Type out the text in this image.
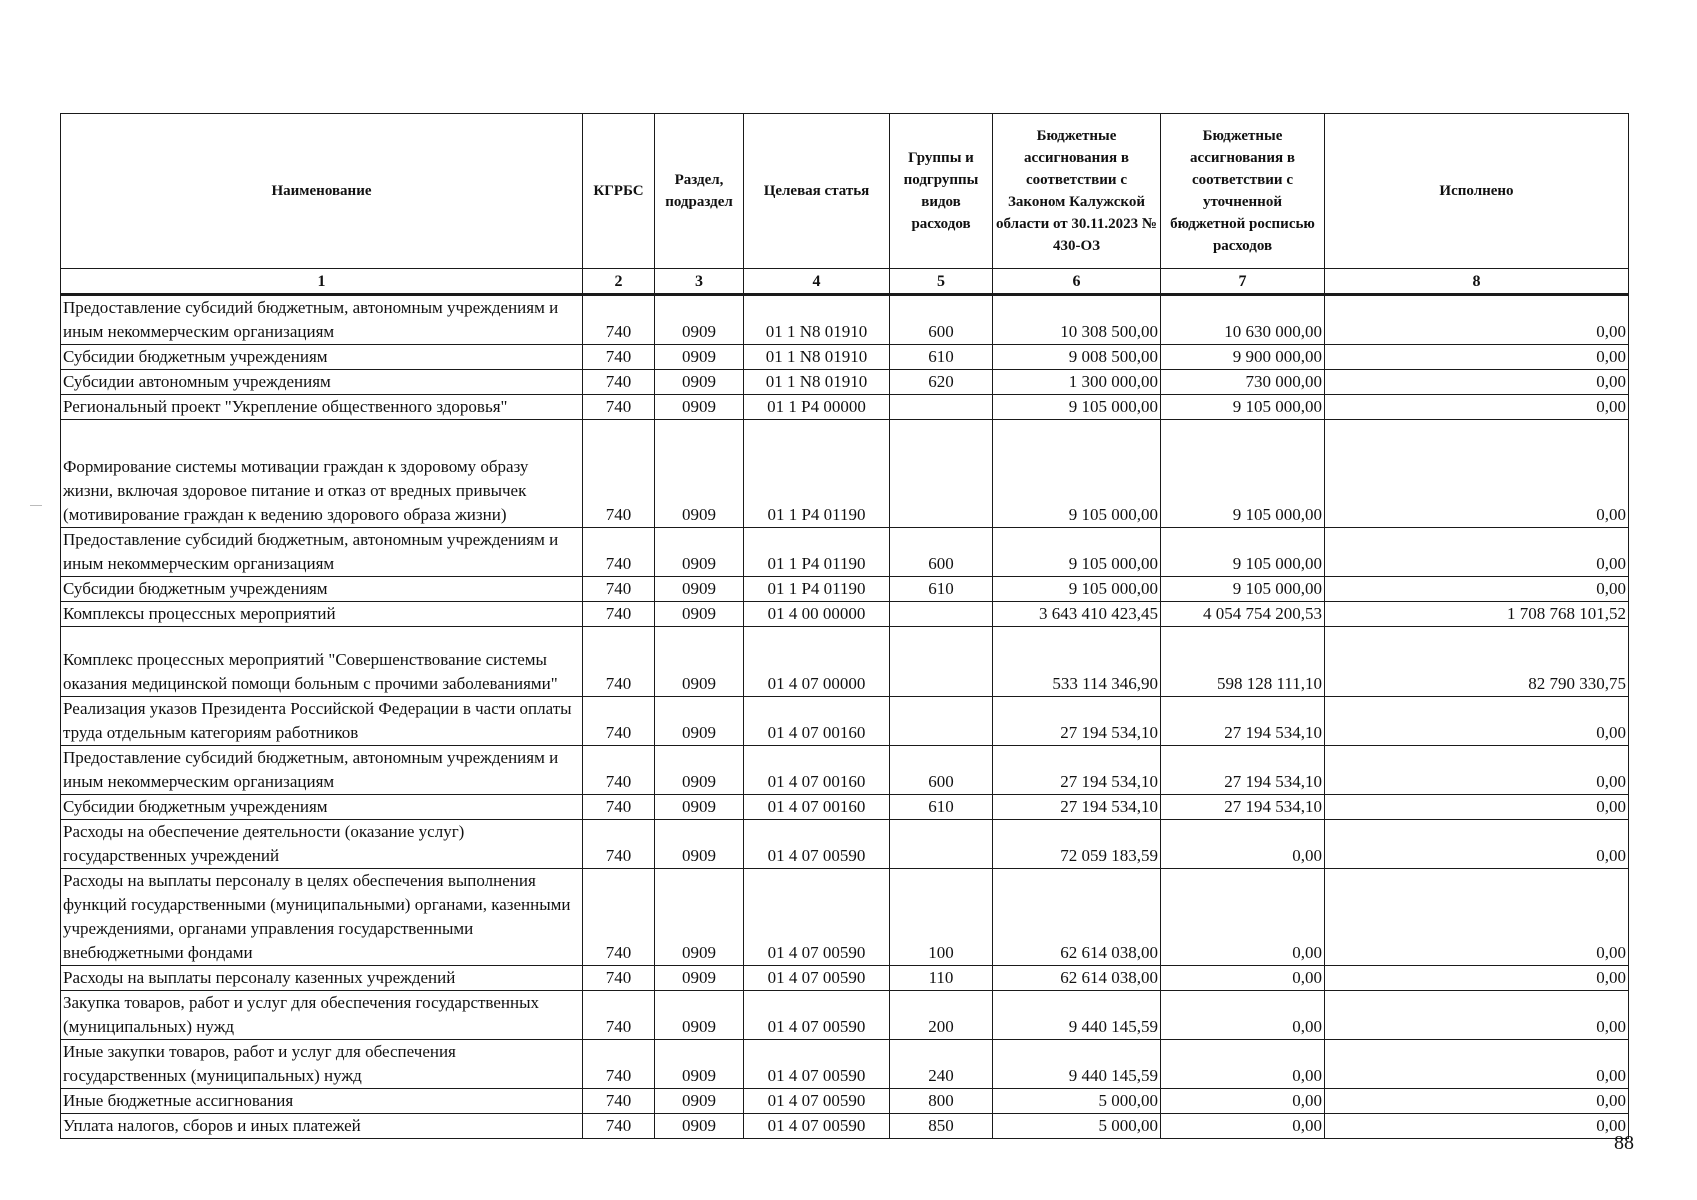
Наименование	КГРБС	Раздел, подраздел	Целевая статья	Группы и подгруппы видов расходов	Бюджетные ассигнования в соответствии с Законом Калужской области от 30.11.2023 № 430-ОЗ	Бюджетные ассигнования в соответствии с уточненной бюджетной росписью расходов	Исполнено
1	2	3	4	5	6	7	8
Предоставление субсидий бюджетным, автономным учреждениям и иным некоммерческим организациям	740	0909	01 1 N8 01910	600	10 308 500,00	10 630 000,00	0,00
Субсидии бюджетным учреждениям	740	0909	01 1 N8 01910	610	9 008 500,00	9 900 000,00	0,00
Субсидии автономным учреждениям	740	0909	01 1 N8 01910	620	1 300 000,00	730 000,00	0,00
Региональный проект "Укрепление общественного здоровья"	740	0909	01 1 P4 00000		9 105 000,00	9 105 000,00	0,00
Формирование системы мотивации граждан к здоровому образу жизни, включая здоровое питание и отказ от вредных привычек (мотивирование граждан к ведению здорового образа жизни)	740	0909	01 1 P4 01190		9 105 000,00	9 105 000,00	0,00
Предоставление субсидий бюджетным, автономным учреждениям и иным некоммерческим организациям	740	0909	01 1 P4 01190	600	9 105 000,00	9 105 000,00	0,00
Субсидии бюджетным учреждениям	740	0909	01 1 P4 01190	610	9 105 000,00	9 105 000,00	0,00
Комплексы процессных мероприятий	740	0909	01 4 00 00000		3 643 410 423,45	4 054 754 200,53	1 708 768 101,52
Комплекс процессных мероприятий "Совершенствование системы оказания медицинской помощи больным с прочими заболеваниями"	740	0909	01 4 07 00000		533 114 346,90	598 128 111,10	82 790 330,75
Реализация указов Президента Российской Федерации в части оплаты труда отдельным категориям работников	740	0909	01 4 07 00160		27 194 534,10	27 194 534,10	0,00
Предоставление субсидий бюджетным, автономным учреждениям и иным некоммерческим организациям	740	0909	01 4 07 00160	600	27 194 534,10	27 194 534,10	0,00
Субсидии бюджетным учреждениям	740	0909	01 4 07 00160	610	27 194 534,10	27 194 534,10	0,00
Расходы на обеспечение деятельности (оказание услуг) государственных учреждений	740	0909	01 4 07 00590		72 059 183,59	0,00	0,00
Расходы на выплаты персоналу в целях обеспечения выполнения функций государственными (муниципальными) органами, казенными учреждениями, органами управления государственными внебюджетными фондами	740	0909	01 4 07 00590	100	62 614 038,00	0,00	0,00
Расходы на выплаты персоналу казенных учреждений	740	0909	01 4 07 00590	110	62 614 038,00	0,00	0,00
Закупка товаров, работ и услуг для обеспечения государственных (муниципальных) нужд	740	0909	01 4 07 00590	200	9 440 145,59	0,00	0,00
Иные закупки товаров, работ и услуг для обеспечения государственных (муниципальных) нужд	740	0909	01 4 07 00590	240	9 440 145,59	0,00	0,00
Иные бюджетные ассигнования	740	0909	01 4 07 00590	800	5 000,00	0,00	0,00
Уплата налогов, сборов и иных платежей	740	0909	01 4 07 00590	850	5 000,00	0,00	0,00
88
